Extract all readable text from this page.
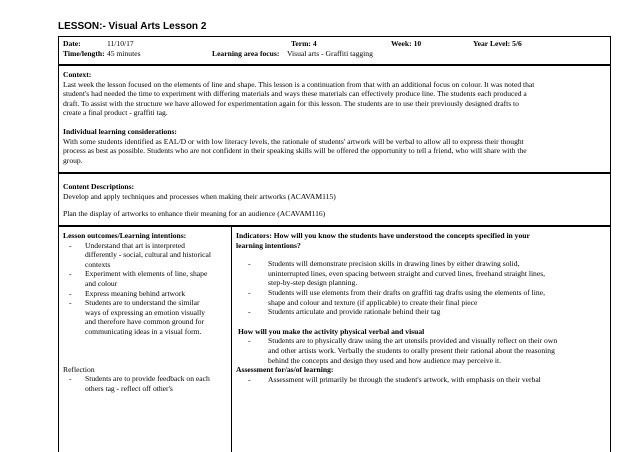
LESSON:- Visual Arts Lesson 2
Date:	11/10/17	Term: 4	Week: 10	Year Level: 5/6
Time/length: 45 minutes	Learning area focus: Visual arts - Graffiti tagging

Context:

Last week the lesson focused on the elements of line and shape. This lesson is a continuation from that with an additional focus on colour. It was noted that

student's had needed the time to experiment with differing materials and ways these materials can effectively produce line. The students each produced a

draft. To assist with the structure we have allowed for experimentation again for this lesson. The students are to use their previously designed drafts to

create a final product - graffiti tag.

Individual learning considerations:

With some students identified as EAL/D or with low literacy levels, the rationale of students' artwork will be verbal to allow all to express their thought

process as best as possible. Students who are not confident in their speaking skills will be offered the opportunity to tell a friend, who will share with the

group.

Content Descriptions:

Develop and apply techniques and processes when making their artworks (ACAVAM115)

Plan the display of artworks to enhance their meaning for an audience (ACAVAM116)

Lesson outcomes/Learning intentions:

- Understand that art is interpreted

differently - social, cultural and historical

contexts

- Experiment with elements of line, shape

and colour

- Express meaning behind artwork

- Students are to understand the similar

ways of expressing an emotion visually

and therefore have common ground for

communicating ideas in a visual form.

Reflection

- Students are to provide feedback on each

others tag - reflect off other's

Indicators: How will you know the students have understood the concepts specified in your

learning intentions?

- Students will demonstrate precision skills in drawing lines by either drawing solid,

uninterrupted lines, even spacing between straight and curved lines, freehand straight lines,

step-by-step design planning.

- Students will use elements from their drafts on graffiti tag drafts using the elements of line,

shape and colour and texture (if applicable) to create their final piece

- Students articulate and provide rationale behind their tag

How will you make the activity physical verbal and visual

- Students are to physically draw using the art utensils provided and visually reflect on their own

and other artists work. Verbally the students to orally present their rational about the reasoning

behind the concepts and design they used and how audience may perceive it.

Assessment for/as/of learning:

- Assessment will primarily be through the student's artwork, with emphasis on their verbal
